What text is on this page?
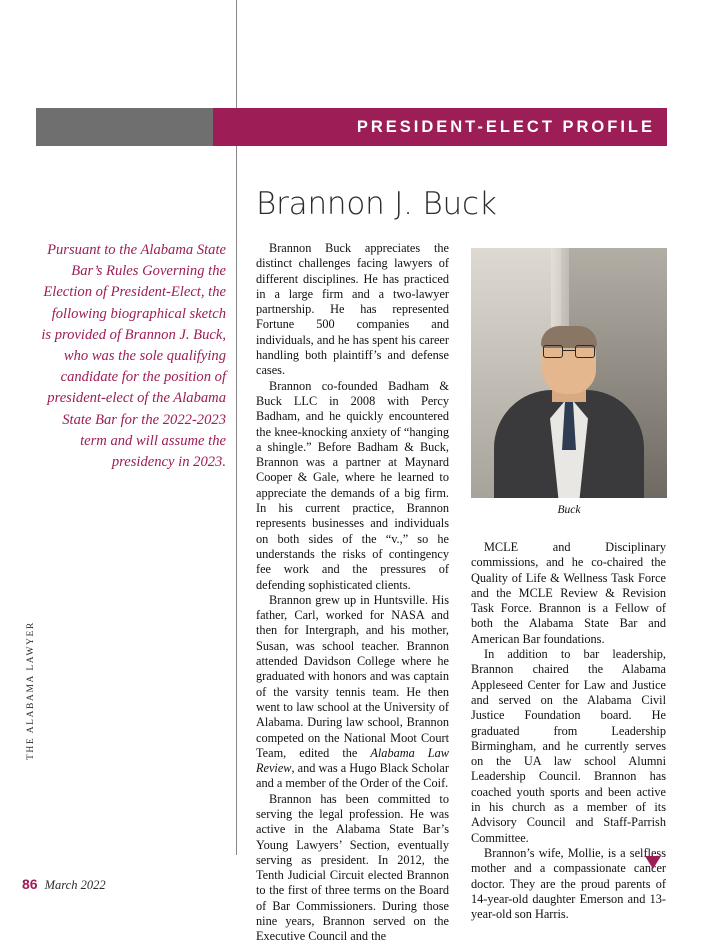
PRESIDENT-ELECT PROFILE
Brannon J. Buck
Pursuant to the Alabama State Bar’s Rules Governing the Election of President-Elect, the following biographical sketch is provided of Brannon J. Buck, who was the sole qualifying candidate for the position of president-elect of the Alabama State Bar for the 2022-2023 term and will assume the presidency in 2023.

Brannon Buck appreciates the distinct challenges facing lawyers of different disciplines. He has practiced in a large firm and a two-lawyer partnership. He has represented Fortune 500 companies and individuals, and he has spent his career handling both plaintiff’s and defense cases.

Brannon co-founded Badham & Buck LLC in 2008 with Percy Badham, and he quickly encountered the knee-knocking anxiety of “hanging a shingle.” Before Badham & Buck, Brannon was a partner at Maynard Cooper & Gale, where he learned to appreciate the demands of a big firm. In his current practice, Brannon represents businesses and individuals on both sides of the “v.,” so he understands the risks of contingency fee work and the pressures of defending sophisticated clients.

Brannon grew up in Huntsville. His father, Carl, worked for NASA and then for Intergraph, and his mother, Susan, was school teacher. Brannon attended Davidson College where he graduated with honors and was captain of the varsity tennis team. He then went to law school at the University of Alabama. During law school, Brannon competed on the National Moot Court Team, edited the Alabama Law Review, and was a Hugo Black Scholar and a member of the Order of the Coif.

Brannon has been committed to serving the legal profession. He was active in the Alabama State Bar’s Young Lawyers’ Section, eventually serving as president. In 2012, the Tenth Judicial Circuit elected Brannon to the first of three terms on the Board of Bar Commissioners. During those nine years, Brannon served on the Executive Council and the

Buck

MCLE and Disciplinary commissions, and he co-chaired the Quality of Life & Wellness Task Force and the MCLE Review & Revision Task Force. Brannon is a Fellow of both the Alabama State Bar and American Bar foundations.

In addition to bar leadership, Brannon chaired the Alabama Appleseed Center for Law and Justice and served on the Alabama Civil Justice Foundation board. He graduated from Leadership Birmingham, and he currently serves on the UA law school Alumni Leadership Council. Brannon has coached youth sports and been active in his church as a member of its Advisory Council and Staff-Parrish Committee.

Brannon’s wife, Mollie, is a selfless mother and a compassionate cancer doctor. They are the proud parents of 14-year-old daughter Emerson and 13-year-old son Harris.

THE ALABAMA LAWYER
86 March 2022
